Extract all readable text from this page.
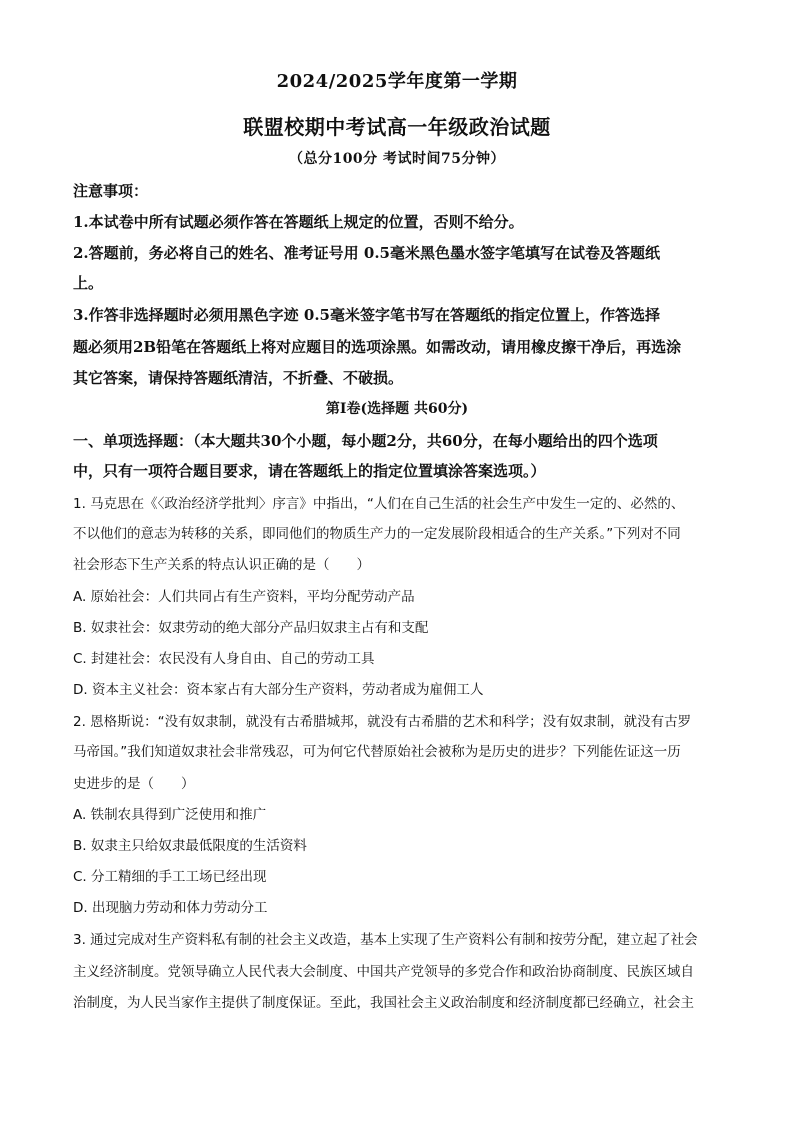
2024/2025学年度第一学期
联盟校期中考试高一年级政治试题
（总分100分 考试时间75分钟）
注意事项：
1.本试卷中所有试题必须作答在答题纸上规定的位置，否则不给分。
2.答题前，务必将自己的姓名、准考证号用 0.5毫米黑色墨水签字笔填写在试卷及答题纸
上。
3.作答非选择题时必须用黑色字迹 0.5毫米签字笔书写在答题纸的指定位置上，作答选择
题必须用2B铅笔在答题纸上将对应题目的选项涂黑。如需改动，请用橡皮擦干净后，再选涂
其它答案，请保持答题纸清洁，不折叠、不破损。
第Ⅰ卷(选择题 共60分)
一、单项选择题：（本大题共30个小题，每小题2分，共60分，在每小题给出的四个选项
中，只有一项符合题目要求，请在答题纸上的指定位置填涂答案选项。）
1. 马克思在《〈政治经济学批判〉序言》中指出，“人们在自己生活的社会生产中发生一定的、必然的、
不以他们的意志为转移的关系，即同他们的物质生产力的一定发展阶段相适合的生产关系。”下列对不同
社会形态下生产关系的特点认识正确的是（　　）
A. 原始社会：人们共同占有生产资料，平均分配劳动产品
B. 奴隶社会：奴隶劳动的绝大部分产品归奴隶主占有和支配
C. 封建社会：农民没有人身自由、自己的劳动工具
D. 资本主义社会：资本家占有大部分生产资料，劳动者成为雇佣工人
2. 恩格斯说：“没有奴隶制，就没有古希腊城邦，就没有古希腊的艺术和科学；没有奴隶制，就没有古罗
马帝国。”我们知道奴隶社会非常残忍，可为何它代替原始社会被称为是历史的进步？下列能佐证这一历
史进步的是（　　）
A. 铁制农具得到广泛使用和推广
B. 奴隶主只给奴隶最低限度的生活资料
C. 分工精细的手工工场已经出现
D. 出现脑力劳动和体力劳动分工
3. 通过完成对生产资料私有制的社会主义改造，基本上实现了生产资料公有制和按劳分配，建立起了社会
主义经济制度。党领导确立人民代表大会制度、中国共产党领导的多党合作和政治协商制度、民族区域自
治制度，为人民当家作主提供了制度保证。至此，我国社会主义政治制度和经济制度都已经确立，社会主
